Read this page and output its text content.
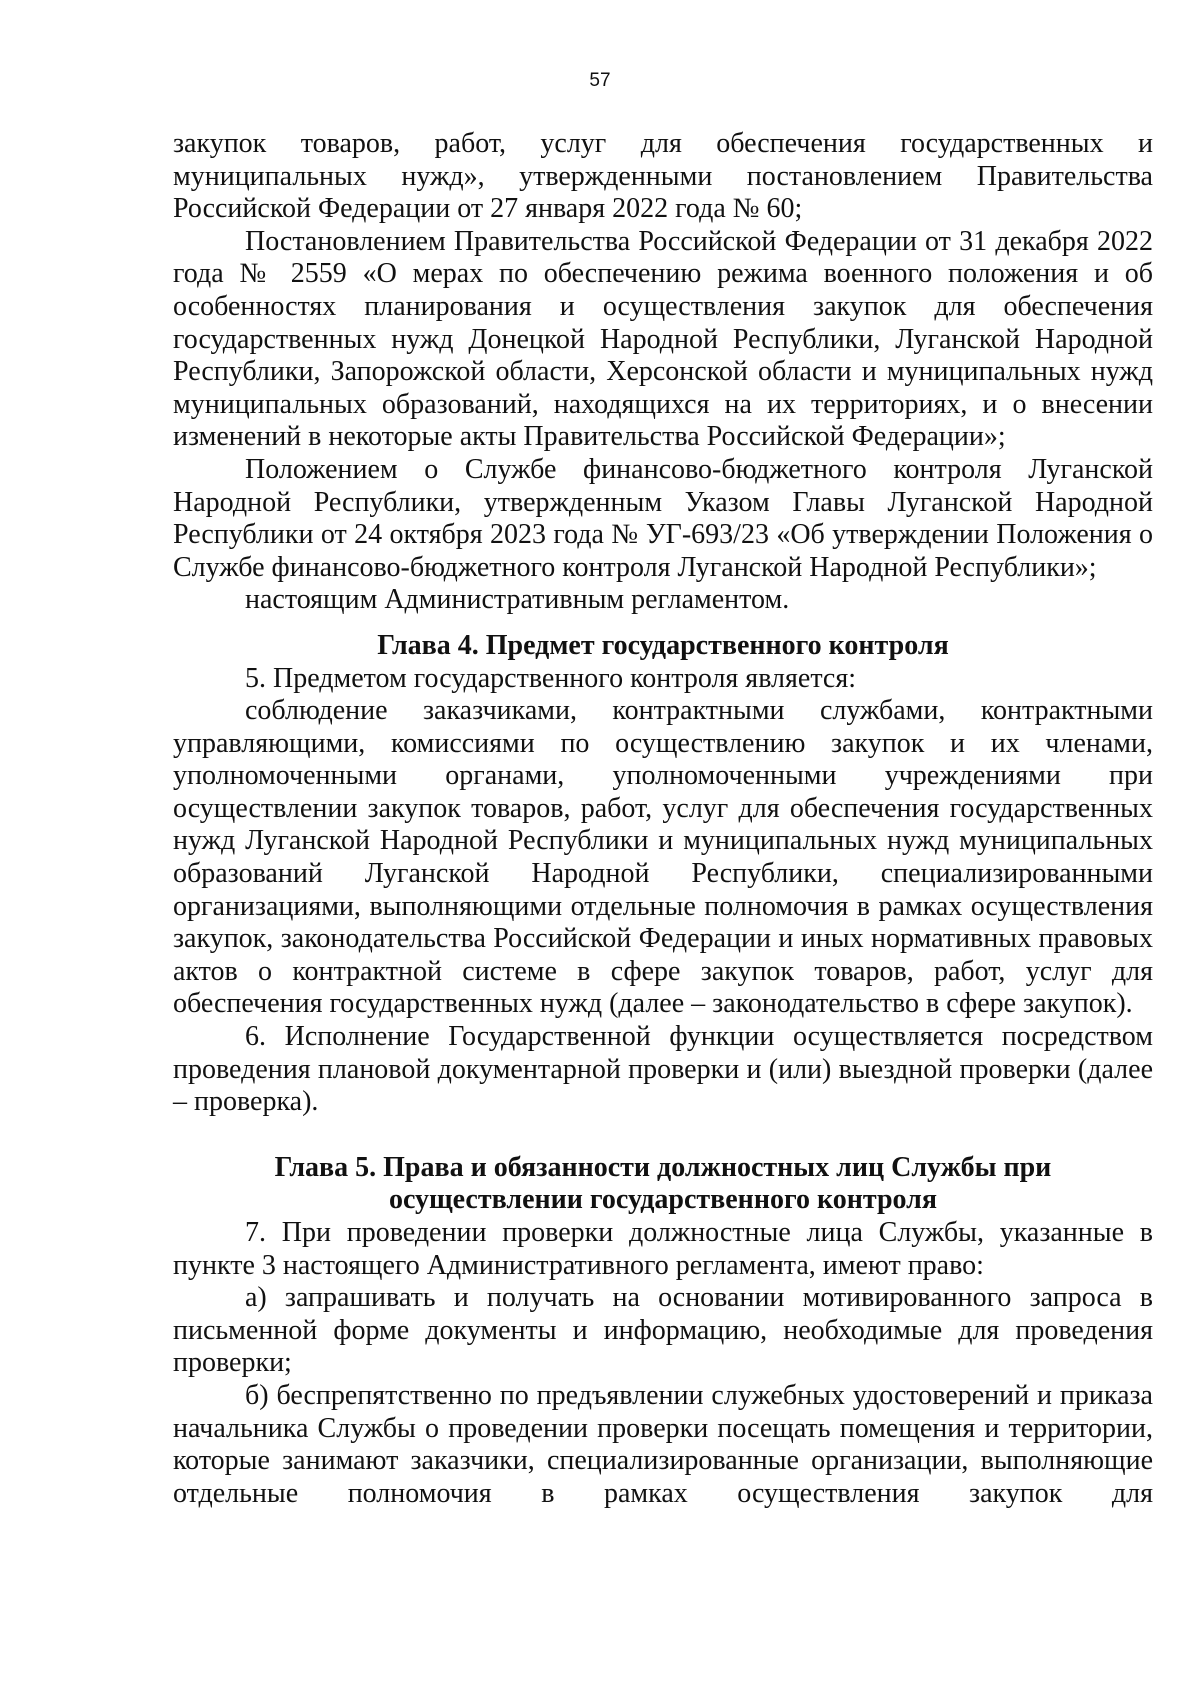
57

закупок товаров, работ, услуг для обеспечения государственных и муниципальных нужд», утвержденными постановлением Правительства Российской Федерации от 27 января 2022 года № 60;

Постановлением Правительства Российской Федерации от 31 декабря 2022 года № 2559 «О мерах по обеспечению режима военного положения и об особенностях планирования и осуществления закупок для обеспечения государственных нужд Донецкой Народной Республики, Луганской Народной Республики, Запорожской области, Херсонской области и муниципальных нужд муниципальных образований, находящихся на их территориях, и о внесении изменений в некоторые акты Правительства Российской Федерации»;

Положением о Службе финансово-бюджетного контроля Луганской Народной Республики, утвержденным Указом Главы Луганской Народной Республики от 24 октября 2023 года № УГ-693/23 «Об утверждении Положения о Службе финансово-бюджетного контроля Луганской Народной Республики»;

настоящим Административным регламентом.

Глава 4. Предмет государственного контроля

5. Предметом государственного контроля является:

соблюдение заказчиками, контрактными службами, контрактными управляющими, комиссиями по осуществлению закупок и их членами, уполномоченными органами, уполномоченными учреждениями при осуществлении закупок товаров, работ, услуг для обеспечения государственных нужд Луганской Народной Республики и муниципальных нужд муниципальных образований Луганской Народной Республики, специализированными организациями, выполняющими отдельные полномочия в рамках осуществления закупок, законодательства Российской Федерации и иных нормативных правовых актов о контрактной системе в сфере закупок товаров, работ, услуг для обеспечения государственных нужд (далее – законодательство в сфере закупок).

6. Исполнение Государственной функции осуществляется посредством проведения плановой документарной проверки и (или) выездной проверки (далее – проверка).

Глава 5. Права и обязанности должностных лиц Службы при

осуществлении государственного контроля

7. При проведении проверки должностные лица Службы, указанные в пункте 3 настоящего Административного регламента, имеют право:

а) запрашивать и получать на основании мотивированного запроса в письменной форме документы и информацию, необходимые для проведения проверки;

б) беспрепятственно по предъявлении служебных удостоверений и приказа начальника Службы о проведении проверки посещать помещения и территории, которые занимают заказчики, специализированные организации, выполняющие отдельные полномочия в рамках осуществления закупок для
